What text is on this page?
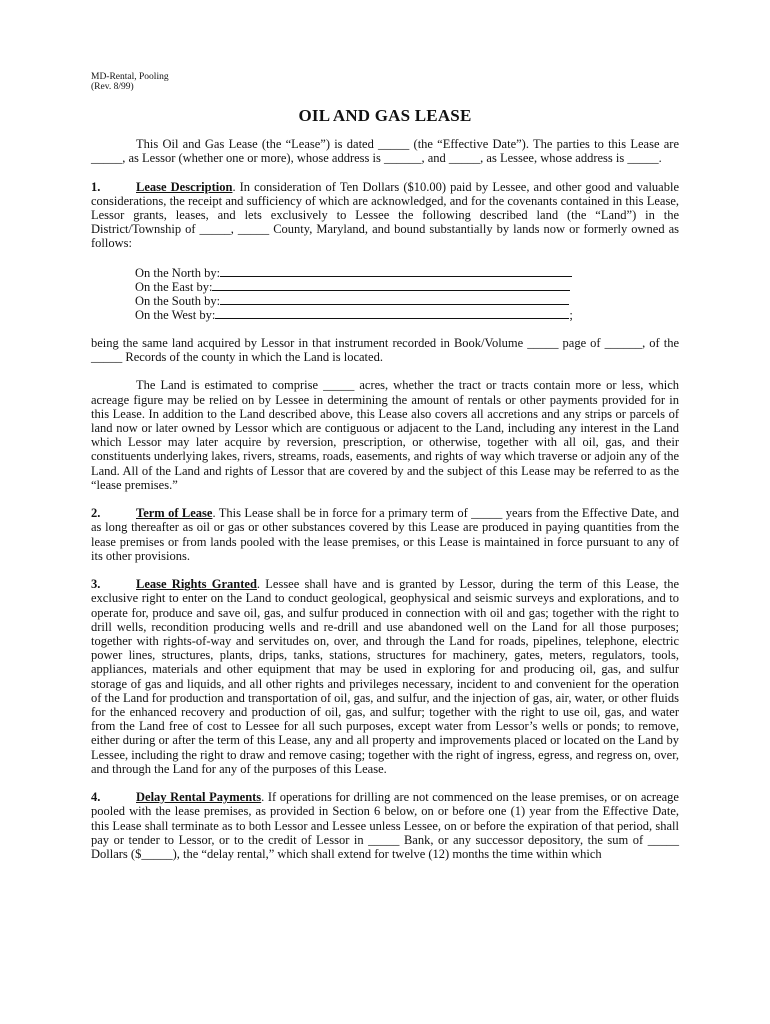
MD-Rental, Pooling
(Rev. 8/99)
OIL AND GAS LEASE

This Oil and Gas Lease (the “Lease”) is dated _____ (the “Effective Date”). The parties to this Lease are _____, as Lessor (whether one or more), whose address is ______, and _____, as Lessee, whose address is _____.

1.	Lease Description. In consideration of Ten Dollars ($10.00) paid by Lessee, and other good and valuable considerations, the receipt and sufficiency of which are acknowledged, and for the covenants contained in this Lease, Lessor grants, leases, and lets exclusively to Lessee the following described land (the “Land”) in the District/Township of _____, _____ County, Maryland, and bound substantially by lands now or formerly owned as follows:

On the North by:
On the East by:
On the South by:
On the West by:	;

being the same land acquired by Lessor in that instrument recorded in Book/Volume _____ page of ______, of the _____ Records of the county in which the Land is located.

The Land is estimated to comprise _____ acres, whether the tract or tracts contain more or less, which acreage figure may be relied on by Lessee in determining the amount of rentals or other payments provided for in this Lease. In addition to the Land described above, this Lease also covers all accretions and any strips or parcels of land now or later owned by Lessor which are contiguous or adjacent to the Land, including any interest in the Land which Lessor may later acquire by reversion, prescription, or otherwise, together with all oil, gas, and their constituents underlying lakes, rivers, streams, roads, easements, and rights of way which traverse or adjoin any of the Land. All of the Land and rights of Lessor that are covered by and the subject of this Lease may be referred to as the “lease premises.”

2.	Term of Lease. This Lease shall be in force for a primary term of _____ years from the Effective Date, and as long thereafter as oil or gas or other substances covered by this Lease are produced in paying quantities from the lease premises or from lands pooled with the lease premises, or this Lease is maintained in force pursuant to any of its other provisions.

3.	Lease Rights Granted. Lessee shall have and is granted by Lessor, during the term of this Lease, the exclusive right to enter on the Land to conduct geological, geophysical and seismic surveys and explorations, and to operate for, produce and save oil, gas, and sulfur produced in connection with oil and gas; together with the right to drill wells, recondition producing wells and re-drill and use abandoned well on the Land for all those purposes; together with rights-of-way and servitudes on, over, and through the Land for roads, pipelines, telephone, electric power lines, structures, plants, drips, tanks, stations, structures for machinery, gates, meters, regulators, tools, appliances, materials and other equipment that may be used in exploring for and producing oil, gas, and sulfur storage of gas and liquids, and all other rights and privileges necessary, incident to and convenient for the operation of the Land for production and transportation of oil, gas, and sulfur, and the injection of gas, air, water, or other fluids for the enhanced recovery and production of oil, gas, and sulfur; together with the right to use oil, gas, and water from the Land free of cost to Lessee for all such purposes, except water from Lessor’s wells or ponds; to remove, either during or after the term of this Lease, any and all property and improvements placed or located on the Land by Lessee, including the right to draw and remove casing; together with the right of ingress, egress, and regress on, over, and through the Land for any of the purposes of this Lease.

4.	Delay Rental Payments. If operations for drilling are not commenced on the lease premises, or on acreage pooled with the lease premises, as provided in Section 6 below, on or before one (1) year from the Effective Date, this Lease shall terminate as to both Lessor and Lessee unless Lessee, on or before the expiration of that period, shall pay or tender to Lessor, or to the credit of Lessor in _____ Bank, or any successor depository, the sum of _____ Dollars ($_____), the “delay rental,” which shall extend for twelve (12) months the time within which
